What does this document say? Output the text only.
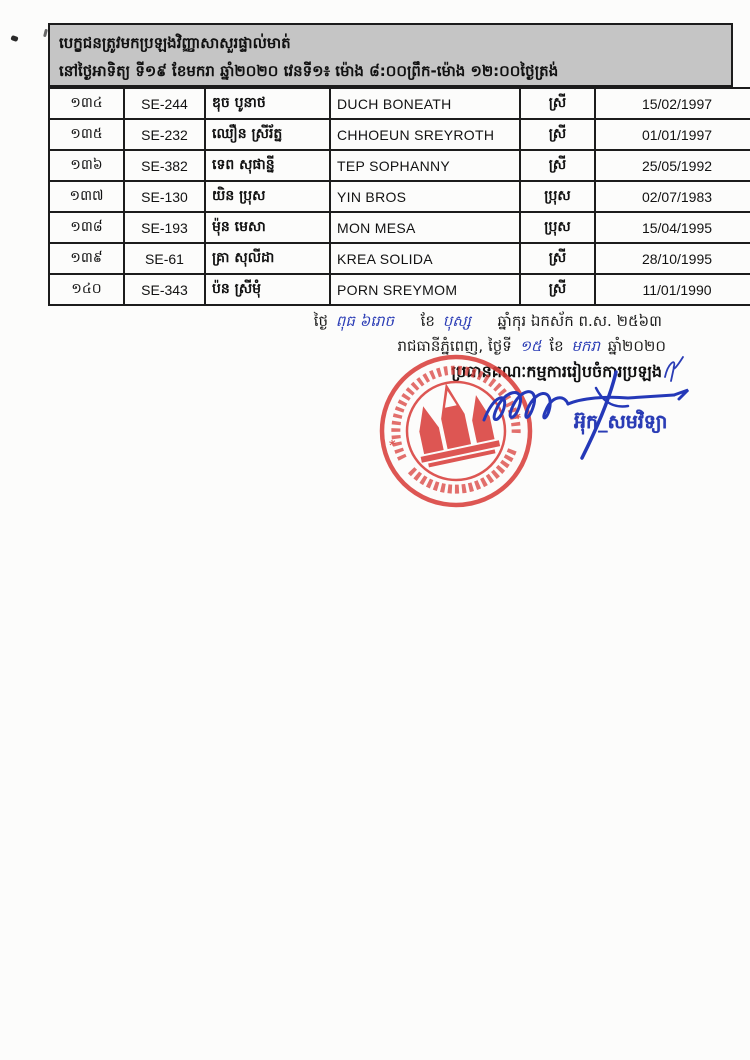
បេក្ខជនត្រូវមកប្រឡងវិញ្ញាសាសួរផ្ទាល់មាត់
នៅថ្ងៃអាទិត្យ ទី១៩ ខែមករា ឆ្នាំ២០២០ វេនទី១៖ ម៉ោង ៨:០០ព្រឹក-ម៉ោង ១២:០០ថ្ងៃត្រង់
១៣៤	SE-244	ឌុច បូនាថ	DUCH BONEATH	ស្រី	15/02/1997
១៣៥	SE-232	ឈឿន ស្រីរ័ត្ន	CHHOEUN SREYROTH	ស្រី	01/01/1997
១៣៦	SE-382	ទេព សុផាន្នី	TEP SOPHANNY	ស្រី	25/05/1992
១៣៧	SE-130	យិន ប្រុស	YIN BROS	ប្រុស	02/07/1983
១៣៨	SE-193	ម៉ុន មេសា	MON MESA	ប្រុស	15/04/1995
១៣៩	SE-61	គ្រា សុលីដា	KREA SOLIDA	ស្រី	28/10/1995
១៤០	SE-343	ប៉ន ស្រីមុំ	PORN SREYMOM	ស្រី	11/01/1990
ថ្ងៃ ពុធ ៦រោច ខែ បុស្ស ឆ្នាំកុរ ឯកស័ក ព.ស. ២៥៦៣
រាជធានីភ្នំពេញ, ថ្ងៃទី ១៥ ខែ មករា ឆ្នាំ២០២០
ប្រធានគណៈកម្មការរៀបចំការប្រឡង
*
*	អ៊ុក_សមវិទ្យា
